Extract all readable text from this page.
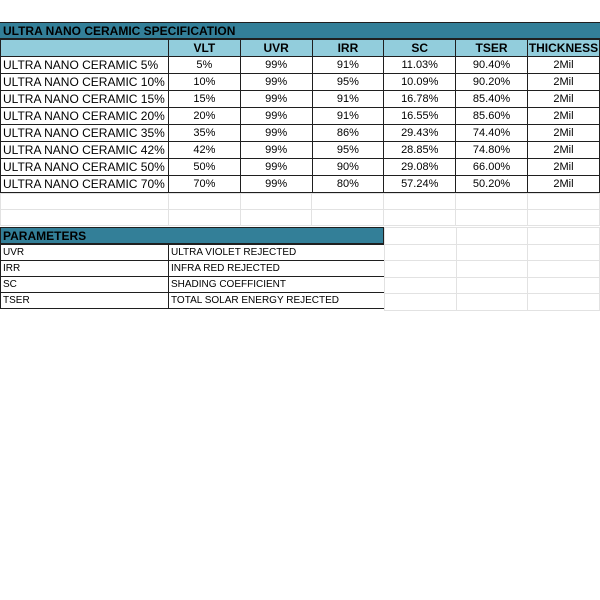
ULTRA NANO CERAMIC SPECIFICATION
	VLT	UVR	IRR	SC	TSER	THICKNESS
ULTRA NANO CERAMIC 5%	5%	99%	91%	11.03%	90.40%	2Mil
ULTRA NANO CERAMIC 10%	10%	99%	95%	10.09%	90.20%	2Mil
ULTRA NANO CERAMIC 15%	15%	99%	91%	16.78%	85.40%	2Mil
ULTRA NANO CERAMIC 20%	20%	99%	91%	16.55%	85.60%	2Mil
ULTRA NANO CERAMIC 35%	35%	99%	86%	29.43%	74.40%	2Mil
ULTRA NANO CERAMIC 42%	42%	99%	95%	28.85%	74.80%	2Mil
ULTRA NANO CERAMIC 50%	50%	99%	90%	29.08%	66.00%	2Mil
ULTRA NANO CERAMIC 70%	70%	99%	80%	57.24%	50.20%	2Mil

PARAMETERS
UVR	ULTRA VIOLET REJECTED
IRR	INFRA RED REJECTED
SC	SHADING COEFFICIENT
TSER	TOTAL SOLAR ENERGY REJECTED
